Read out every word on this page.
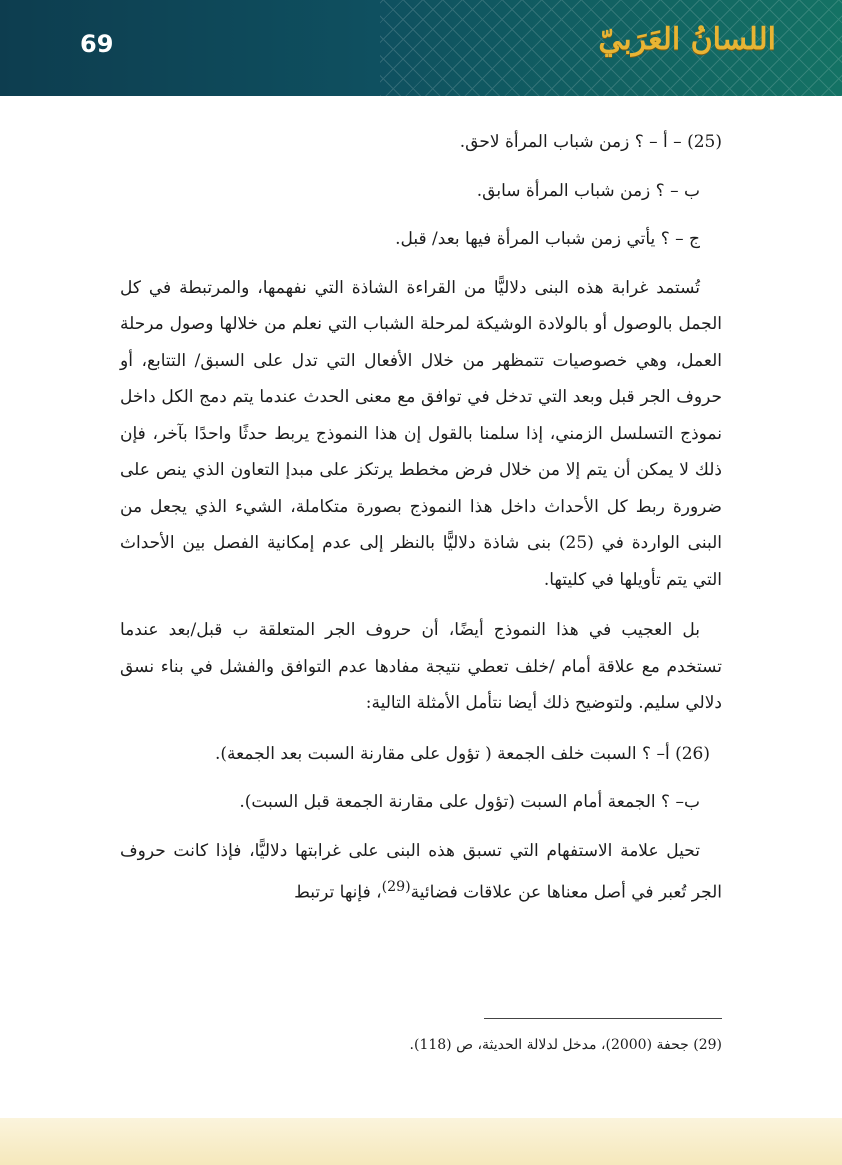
69	اللسانُ العَرَبيّ

(25) – أ – ؟ زمن شباب المرأة لاحق.

ب – ؟ زمن شباب المرأة سابق.

ج – ؟ يأتي زمن شباب المرأة فيها بعد/ قبل.

تُستمد غرابة هذه البنى دلاليًّا من القراءة الشاذة التي نفهمها، والمرتبطة في كل الجمل بالوصول أو بالولادة الوشيكة لمرحلة الشباب التي نعلم من خلالها وصول مرحلة العمل، وهي خصوصيات تتمظهر من خلال الأفعال التي تدل على السبق/ التتابع، أو حروف الجر قبل وبعد التي تدخل في توافق مع معنى الحدث عندما يتم دمج الكل داخل نموذج التسلسل الزمني، إذا سلمنا بالقول إن هذا النموذج يربط حدثًا واحدًا بآخر، فإن ذلك لا يمكن أن يتم إلا من خلال فرض مخطط يرتكز على مبدإ التعاون الذي ينص على ضرورة ربط كل الأحداث داخل هذا النموذج بصورة متكاملة، الشيء الذي يجعل من البنى الواردة في (25) بنى شاذة دلاليًّا بالنظر إلى عدم إمكانية الفصل بين الأحداث التي يتم تأويلها في كليتها.

بل العجيب في هذا النموذج أيضًا، أن حروف الجر المتعلقة ب قبل/بعد عندما تستخدم مع علاقة أمام /خلف تعطي نتيجة مفادها عدم التوافق والفشل في بناء نسق دلالي سليم. ولتوضيح ذلك أيضا نتأمل الأمثلة التالية:

(26) أ– ؟ السبت خلف الجمعة ( تؤول على مقارنة السبت بعد الجمعة).

ب– ؟ الجمعة أمام السبت (تؤول على مقارنة الجمعة قبل السبت).

تحيل علامة الاستفهام التي تسبق هذه البنى على غرابتها دلاليًّا، فإذا كانت حروف الجر تُعبر في أصل معناها عن علاقات فضائية$^{(29)}$، فإنها ترتبط

(29) جحفة (2000)، مدخل لدلالة الحديثة، ص (118).
